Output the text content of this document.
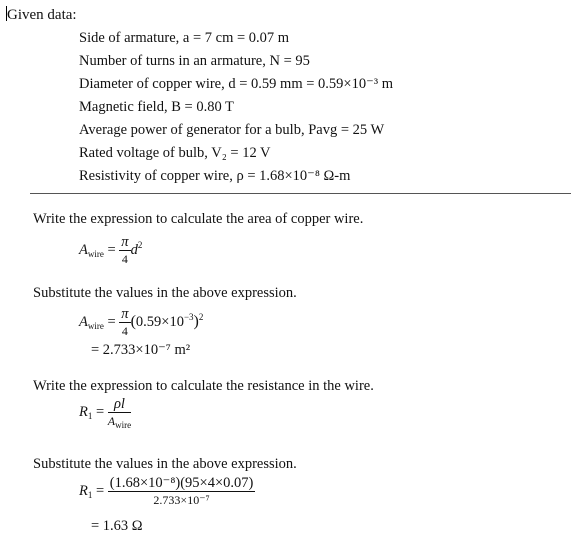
Given data:
Side of armature, a = 7 cm = 0.07 m
Number of turns in an armature, N = 95
Diameter of copper wire, d = 0.59 mm = 0.59×10⁻³ m
Magnetic field, B = 0.80 T
Average power of generator for a bulb, Pavg = 25 W
Rated voltage of bulb, V₂ = 12 V
Resistivity of copper wire, ρ = 1.68×10⁻⁸ Ω-m
Write the expression to calculate the area of copper wire.
$A_{wire} = \frac{\pi}{4} d^2$
Substitute the values in the above expression.
$A_{wire} = \frac{\pi}{4} (0.59\times 10^{-3})^2$
= 2.733×10⁻⁷ m²
Write the expression to calculate the resistance in the wire.
$R_1 = \frac{\rho l}{A_{wire}}$
Substitute the values in the above expression.
$R_1 = \frac{\text{(1.68×10⁻⁸)(95×4×0.07)}}{\text{2.733×10⁻⁷}}$
= 1.63 Ω
